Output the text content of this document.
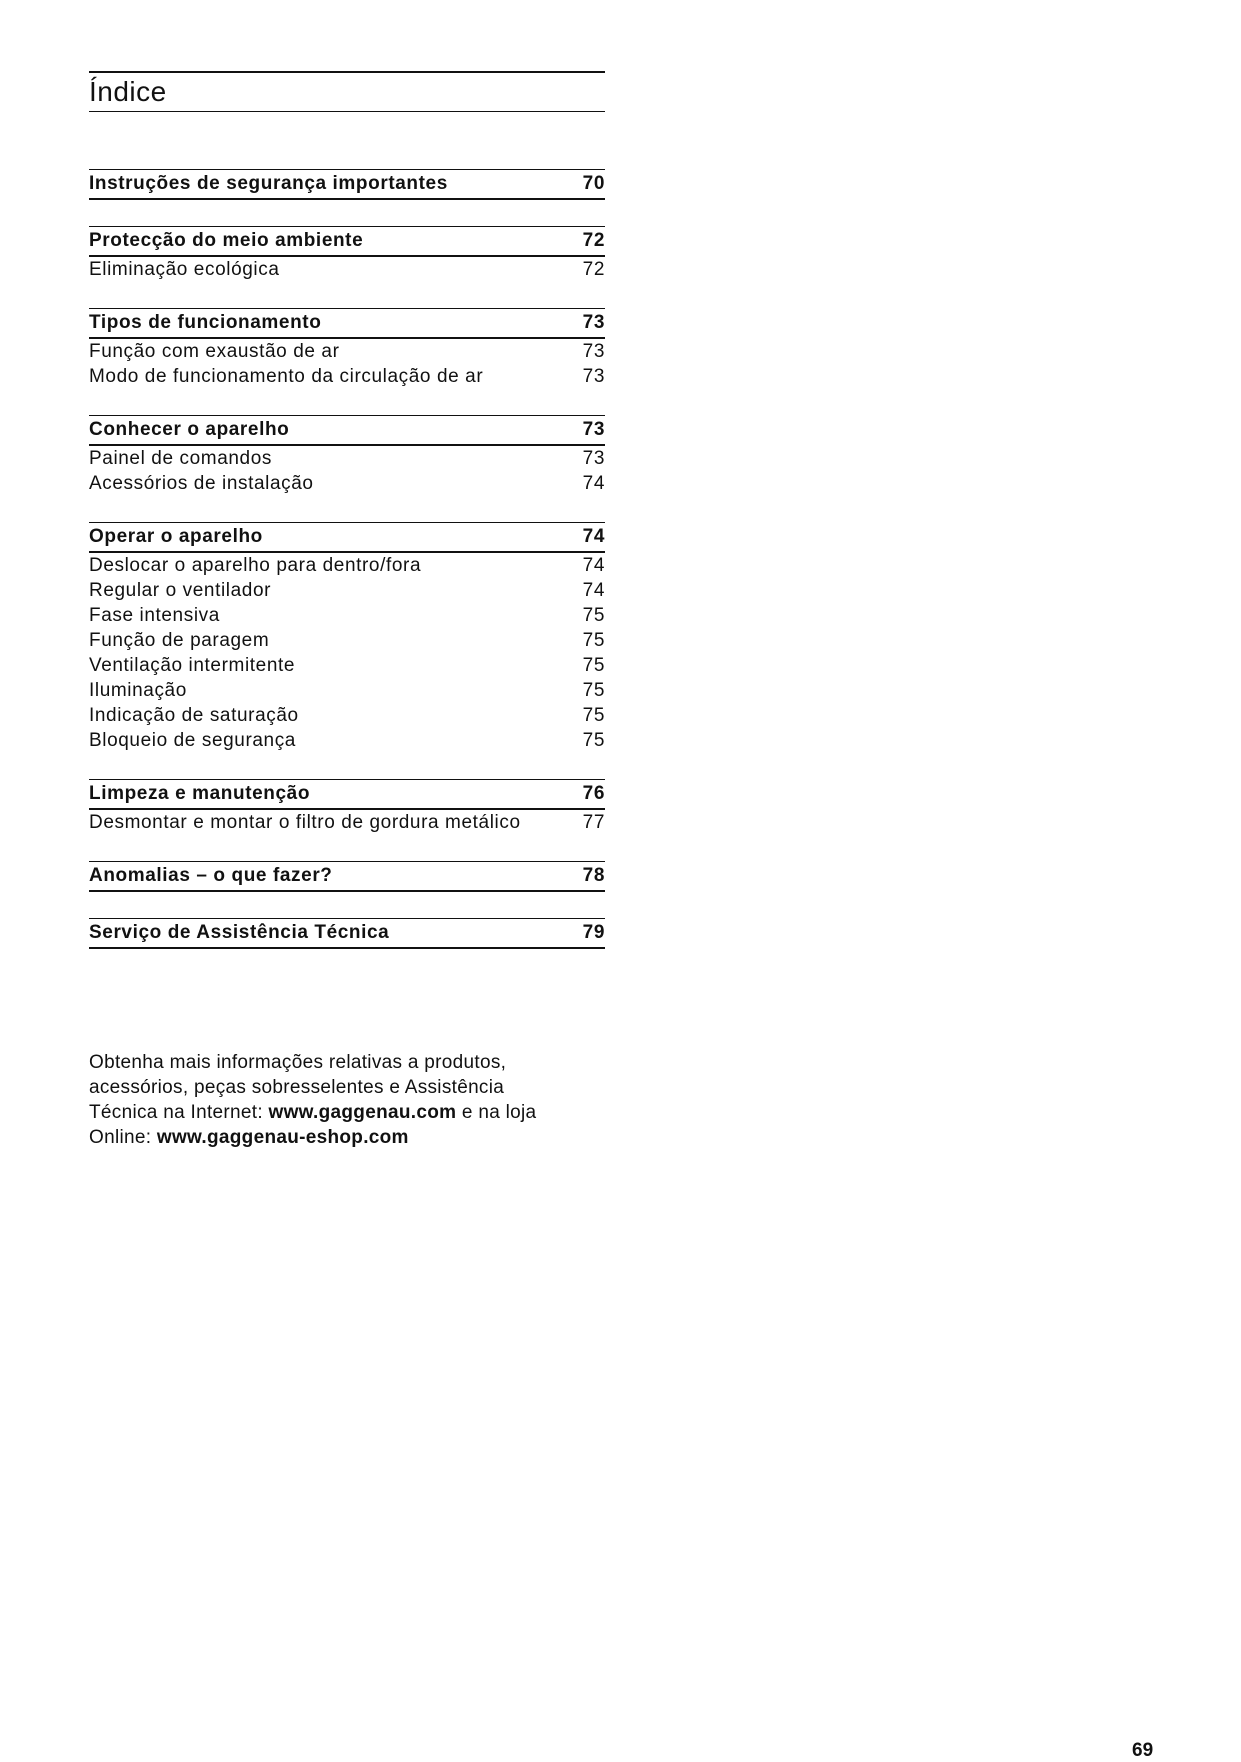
Índice
Instruções de segurança importantes	70
Protecção do meio ambiente	72
Eliminação ecológica	72
Tipos de funcionamento	73
Função com exaustão de ar	73
Modo de funcionamento da circulação de ar	73
Conhecer o aparelho	73
Painel de comandos	73
Acessórios de instalação	74
Operar o aparelho	74
Deslocar o aparelho para dentro/fora	74
Regular o ventilador	74
Fase intensiva	75
Função de paragem	75
Ventilação intermitente	75
Iluminação	75
Indicação de saturação	75
Bloqueio de segurança	75
Limpeza e manutenção	76
Desmontar e montar o filtro de gordura metálico	77
Anomalias – o que fazer?	78
Serviço de Assistência Técnica	79
Obtenha mais informações relativas a produtos,
acessórios, peças sobresselentes e Assistência
Técnica na Internet: www.gaggenau.com e na loja
Online: www.gaggenau-eshop.com
69
